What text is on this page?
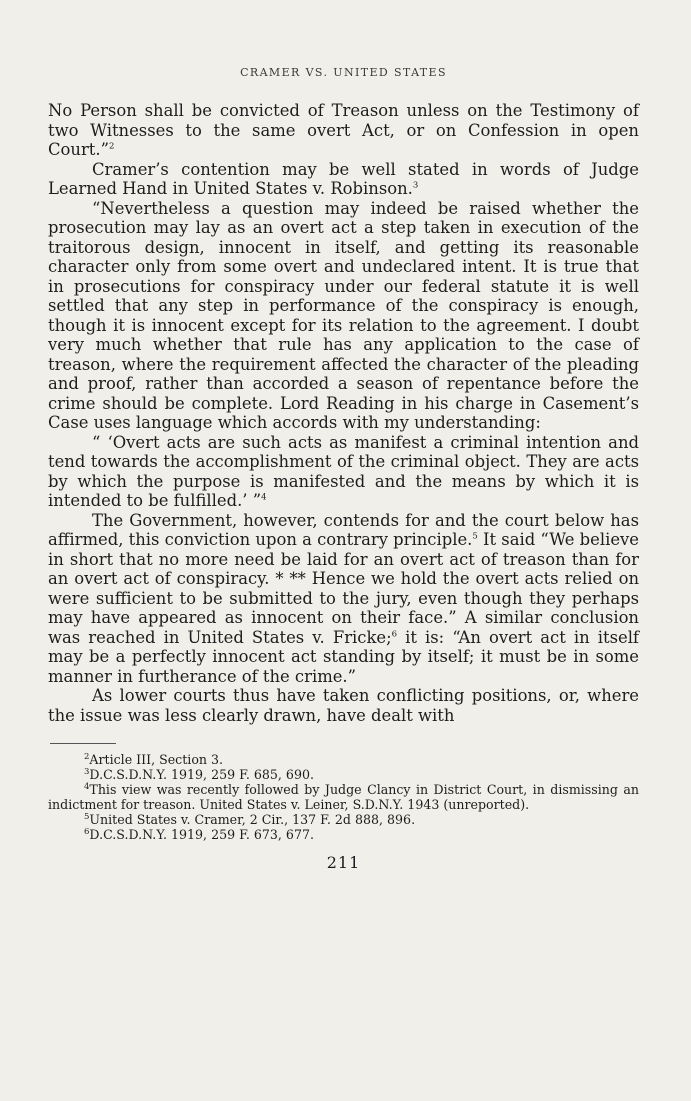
CRAMER VS. UNITED STATES

No Person shall be convicted of Treason unless on the Testimony of two Witnesses to the same overt Act, or on Confession in open Court.”$^2$

Cramer’s contention may be well stated in words of Judge Learned Hand in United States v. Robinson.$^3$

“Nevertheless a question may indeed be raised whether the prosecution may lay as an overt act a step taken in execution of the traitorous design, innocent in itself, and getting its reasonable character only from some overt and undeclared intent. It is true that in prosecutions for conspiracy under our federal statute it is well settled that any step in performance of the conspiracy is enough, though it is innocent except for its relation to the agreement. I doubt very much whether that rule has any application to the case of treason, where the requirement affected the character of the pleading and proof, rather than accorded a season of repentance before the crime should be complete. Lord Reading in his charge in Casement’s Case uses language which accords with my understanding:

“ ‘Overt acts are such acts as manifest a criminal intention and tend towards the accomplishment of the criminal object. They are acts by which the purpose is manifested and the means by which it is intended to be fulfilled.’ ”$^4$

The Government, however, contends for and the court below has affirmed, this conviction upon a contrary principle.$^5$ It said “We believe in short that no more need be laid for an overt act of treason than for an overt act of conspiracy. * ** Hence we hold the overt acts relied on were sufficient to be submitted to the jury, even though they perhaps may have appeared as innocent on their face.” A similar conclusion was reached in United States v. Fricke;$^6$ it is: “An overt act in itself may be a perfectly innocent act standing by itself; it must be in some manner in furtherance of the crime.”

As lower courts thus have taken conflicting positions, or, where the issue was less clearly drawn, have dealt with

$^2$Article III, Section 3.

$^3$D.C.S.D.N.Y. 1919, 259 F. 685, 690.

$^4$This view was recently followed by Judge Clancy in District Court, in dismissing an indictment for treason. United States v. Leiner, S.D.N.Y. 1943 (unreported).

$^5$United States v. Cramer, 2 Cir., 137 F. 2d 888, 896.

$^6$D.C.S.D.N.Y. 1919, 259 F. 673, 677.

211
